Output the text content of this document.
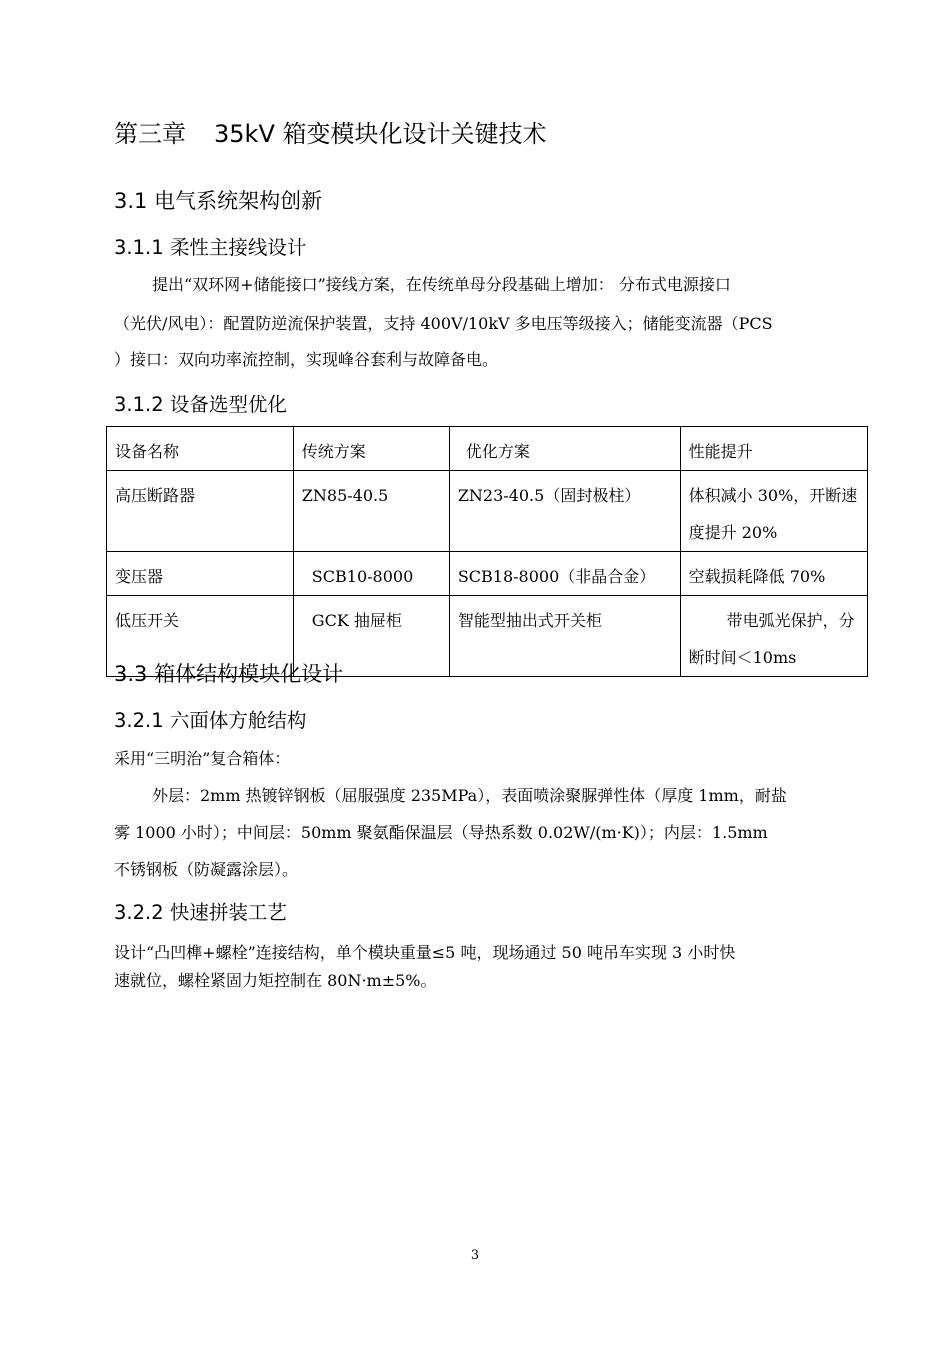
第三章 35kV 箱变模块化设计关键技术
3.1 电气系统架构创新
3.1.1 柔性主接线设计
提出“双环网+储能接口”接线方案，在传统单母分段基础上增加： 分布式电源接口
（光伏/风电）：配置防逆流保护装置，支持 400V/10kV 多电压等级接入；储能变流器（PCS
）接口：双向功率流控制，实现峰谷套利与故障备电。
3.1.2 设备选型优化
设备名称	传统方案	优化方案	性能提升
高压断路器	ZN85-40.5	ZN23-40.5（固封极柱）	体积减小 30%，开断速度提升 20%
变压器	SCB10-8000	SCB18-8000（非晶合金）	空载损耗降低 70%
低压开关	GCK 抽屉柜	智能型抽出式开关柜	带电弧光保护，分断时间＜10ms
3.3 箱体结构模块化设计
3.2.1 六面体方舱结构
采用“三明治”复合箱体：
外层：2mm 热镀锌钢板（屈服强度 235MPa），表面喷涂聚脲弹性体（厚度 1mm，耐盐
雾 1000 小时）；中间层：50mm 聚氨酯保温层（导热系数 0.02W/(m·K)）；内层：1.5mm
不锈钢板（防凝露涂层）。
3.2.2 快速拼装工艺
设计“凸凹榫+螺栓”连接结构，单个模块重量≤5 吨，现场通过 50 吨吊车实现 3 小时快
速就位，螺栓紧固力矩控制在 80N·m±5%。
3
